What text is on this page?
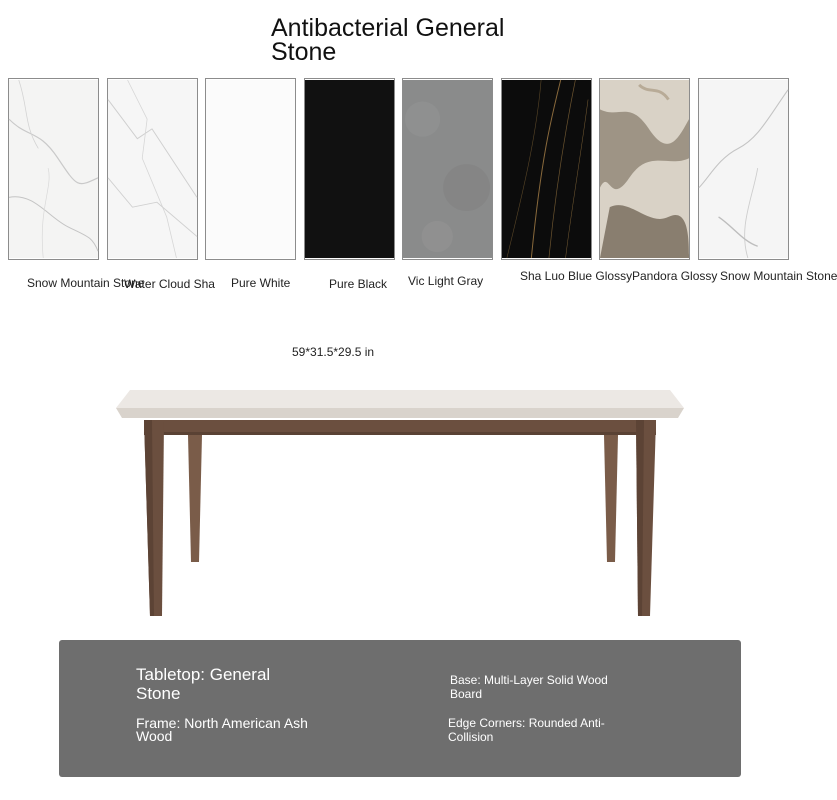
Antibacterial General Stone
Snow Mountain Stone
Water Cloud Sha Pure White	Pure Black Vic Light Gray	Sha Luo Blue Glossy Pandora Glossy Snow Mountain Stone
59*31.5*29.5 in
Tabletop: General Stone
Frame: North American Ash Wood
Base: Multi-Layer Solid Wood Board
Edge Corners: Rounded Anti-Collision
